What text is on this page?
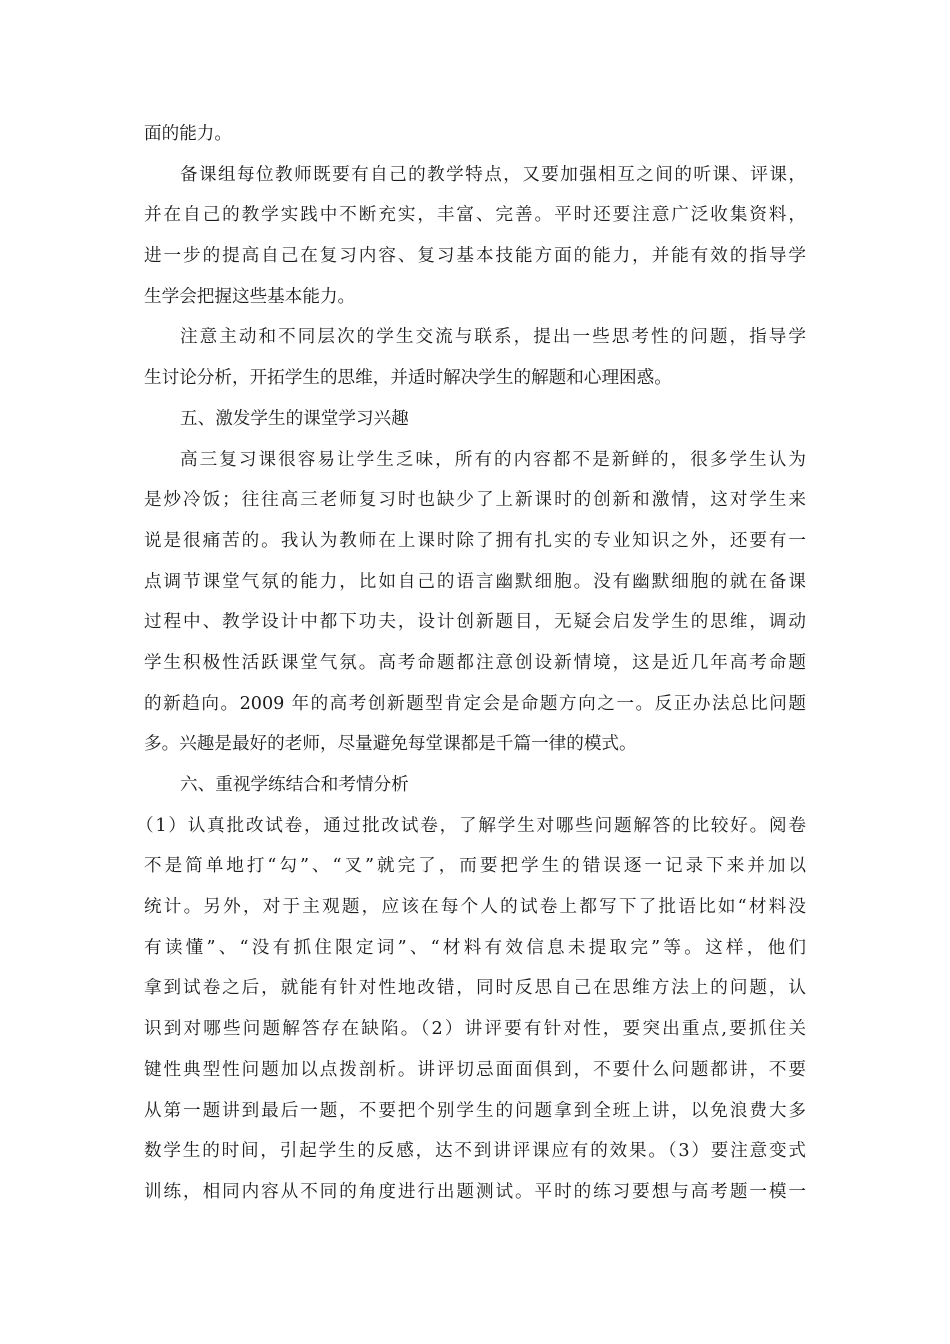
面的能力。
备课组每位教师既要有自己的教学特点，又要加强相互之间的听课、评课，
并在自己的教学实践中不断充实，丰富、完善。平时还要注意广泛收集资料，
进一步的提高自己在复习内容、复习基本技能方面的能力，并能有效的指导学
生学会把握这些基本能力。
注意主动和不同层次的学生交流与联系，提出一些思考性的问题，指导学
生讨论分析，开拓学生的思维，并适时解决学生的解题和心理困惑。
五、激发学生的课堂学习兴趣
高三复习课很容易让学生乏味，所有的内容都不是新鲜的，很多学生认为
是炒冷饭；往往高三老师复习时也缺少了上新课时的创新和激情，这对学生来
说是很痛苦的。我认为教师在上课时除了拥有扎实的专业知识之外，还要有一
点调节课堂气氛的能力，比如自己的语言幽默细胞。没有幽默细胞的就在备课
过程中、教学设计中都下功夫，设计创新题目，无疑会启发学生的思维，调动
学生积极性活跃课堂气氛。高考命题都注意创设新情境，这是近几年高考命题
的新趋向。2009 年的高考创新题型肯定会是命题方向之一。反正办法总比问题
多。兴趣是最好的老师，尽量避免每堂课都是千篇一律的模式。
六、重视学练结合和考情分析
（1）认真批改试卷，通过批改试卷，了解学生对哪些问题解答的比较好。阅卷
不是简单地打“勾”、“叉”就完了，而要把学生的错误逐一记录下来并加以
统计。另外，对于主观题，应该在每个人的试卷上都写下了批语比如“材料没
有读懂”、“没有抓住限定词”、“材料有效信息未提取完”等。这样，他们
拿到试卷之后，就能有针对性地改错，同时反思自己在思维方法上的问题，认
识到对哪些问题解答存在缺陷。（2）讲评要有针对性，要突出重点,要抓住关
键性典型性问题加以点拨剖析。讲评切忌面面俱到，不要什么问题都讲，不要
从第一题讲到最后一题，不要把个别学生的问题拿到全班上讲，以免浪费大多
数学生的时间，引起学生的反感，达不到讲评课应有的效果。（3）要注意变式
训练，相同内容从不同的角度进行出题测试。平时的练习要想与高考题一模一
